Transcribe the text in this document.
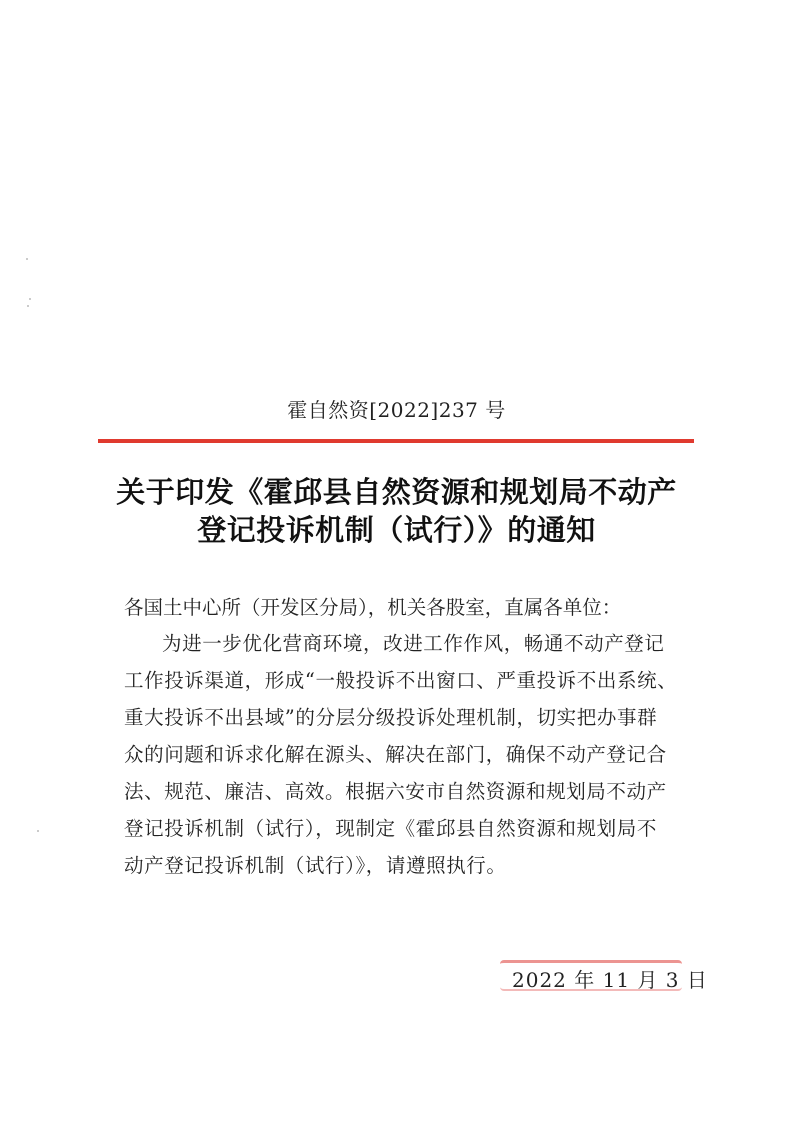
霍自然资[2022]237 号
关于印发《霍邱县自然资源和规划局不动产
登记投诉机制（试行）》的通知
各国土中心所（开发区分局），机关各股室，直属各单位：
为进一步优化营商环境，改进工作作风，畅通不动产登记
工作投诉渠道，形成“一般投诉不出窗口、严重投诉不出系统、
重大投诉不出县域”的分层分级投诉处理机制，切实把办事群
众的问题和诉求化解在源头、解决在部门，确保不动产登记合
法、规范、廉洁、高效。根据六安市自然资源和规划局不动产
登记投诉机制（试行），现制定《霍邱县自然资源和规划局不
动产登记投诉机制（试行）》，请遵照执行。
2022 年 11 月 3 日
